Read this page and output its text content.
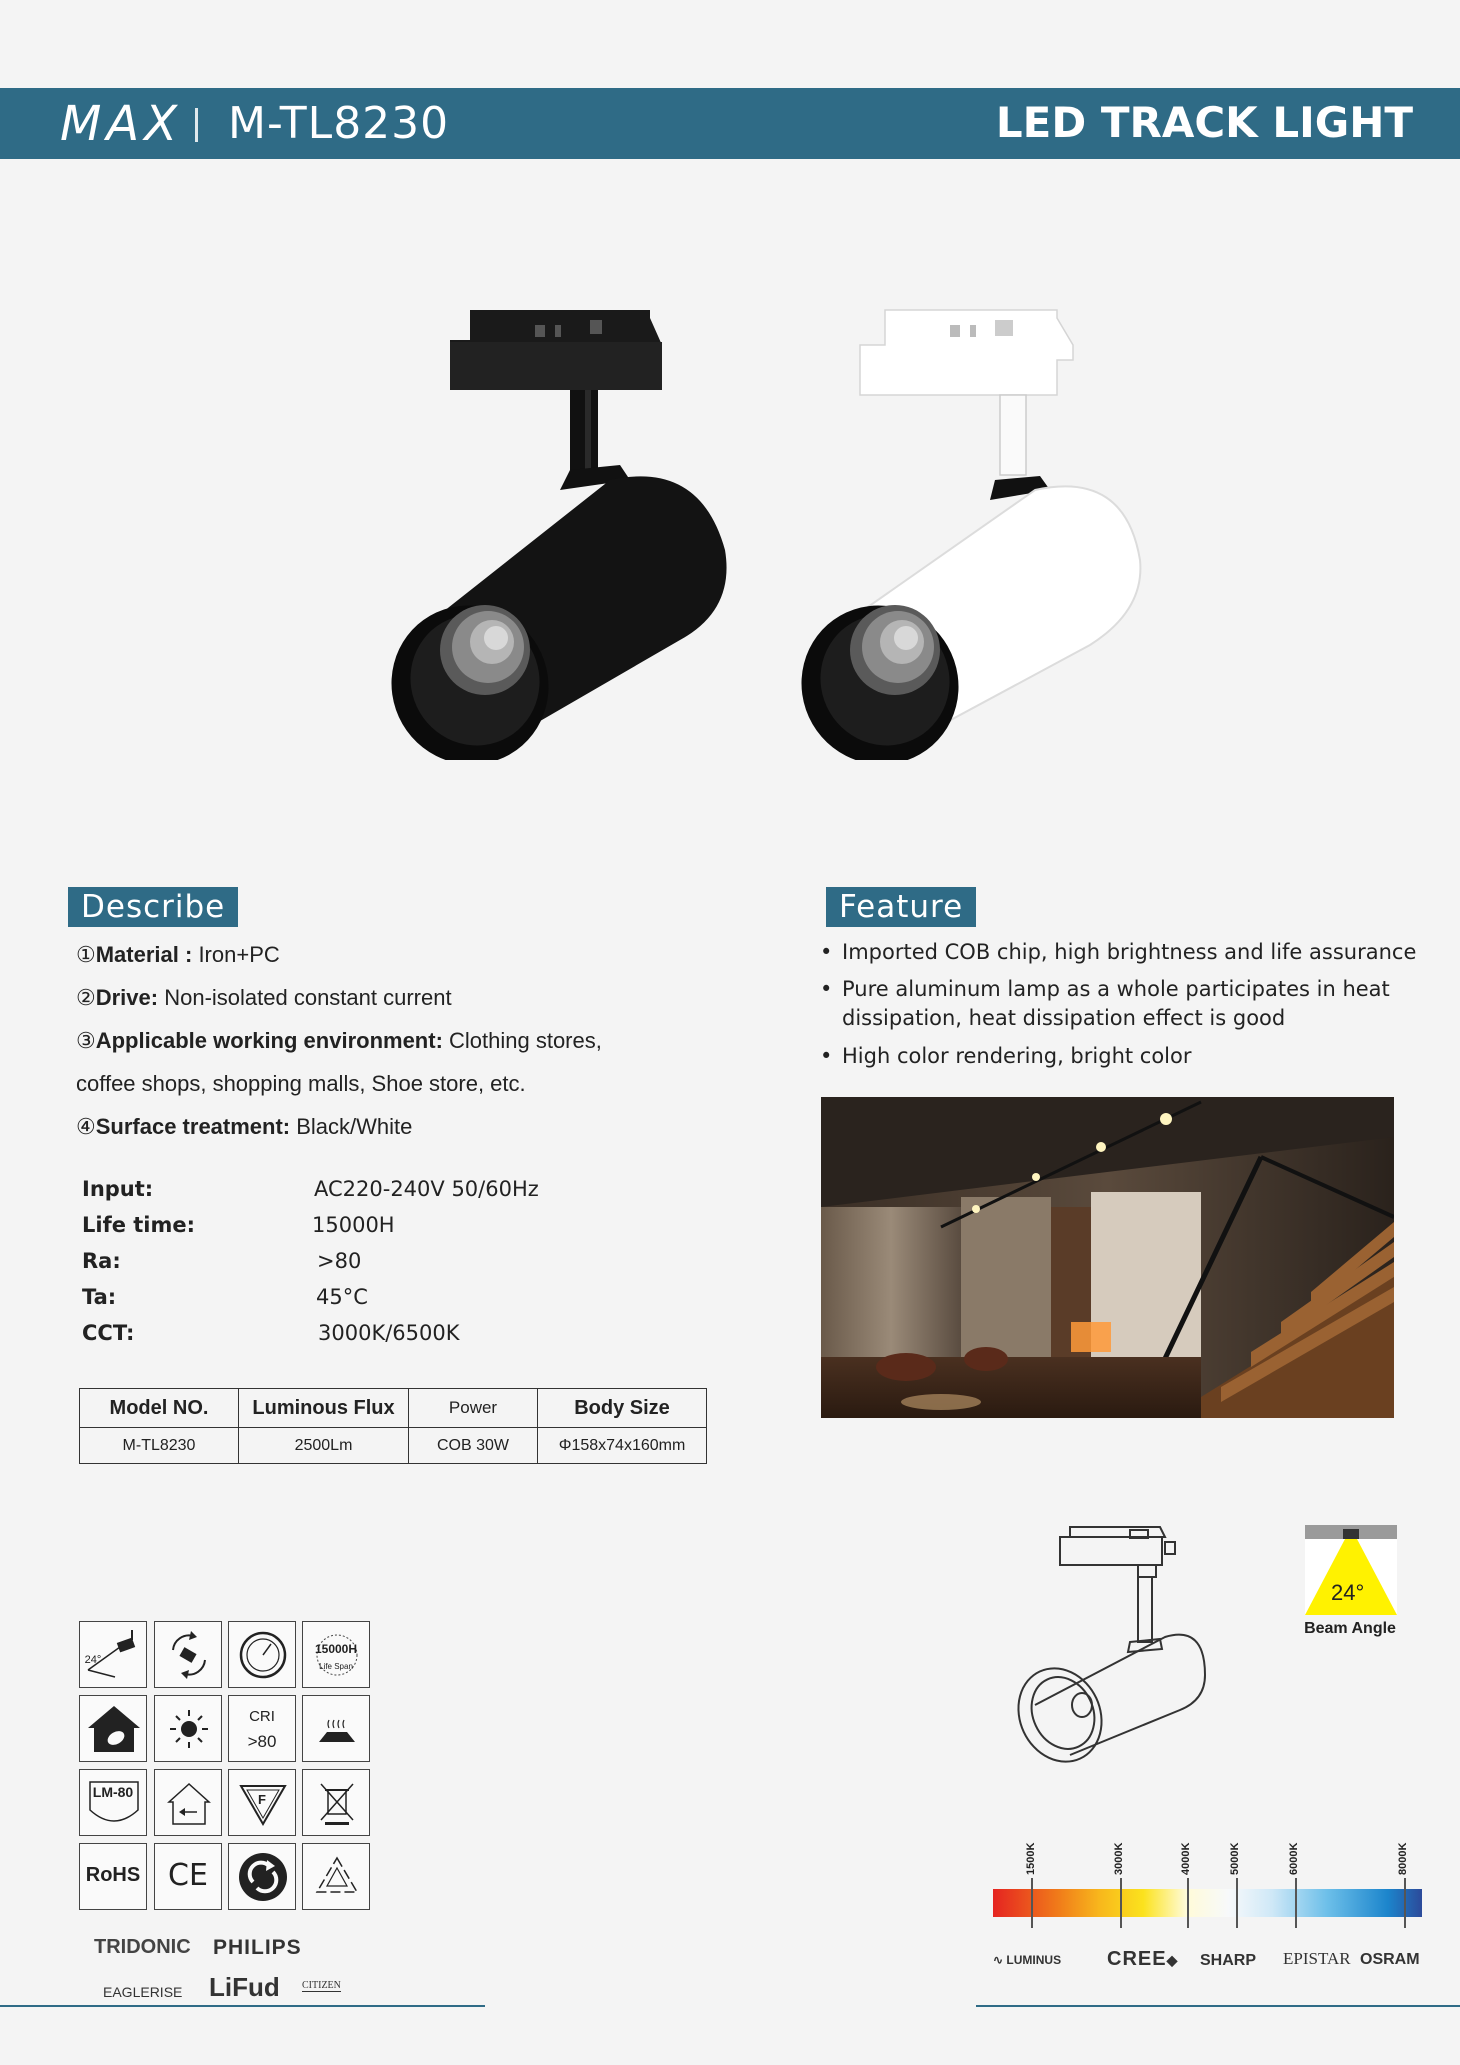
MAX M-TL8230	LED TRACK LIGHT
Describe
①Material : Iron+PC
②Drive: Non-isolated constant current
③Applicable working environment: Clothing stores,
coffee shops, shopping malls, Shoe store, etc.
④Surface treatment: Black/White
Input:	AC220-240V 50/60Hz
Life time:	15000H
Ra:	>80
Ta:	45°C
CCT:	3000K/6500K
Model NO.	Luminous Flux	Power	Body Size
M-TL8230	2500Lm	COB 30W	Φ158x74x160mm
Feature
• Imported COB chip, high brightness and life assurance
• Pure aluminum lamp as a whole participates in heat dissipation, heat dissipation effect is good
• High color rendering, bright color
24°
15000H
Life Span
CRI
>80
LM-80	F
RoHS CE
TRIDONIC PHILIPS
EAGLERISE LiFud CITIZEN
24°
Beam Angle
1500K	3000K	4000K	5000K	6000K	8000K
∿ LUMINUS CREE◆ SHARP EPISTAR OSRAM
